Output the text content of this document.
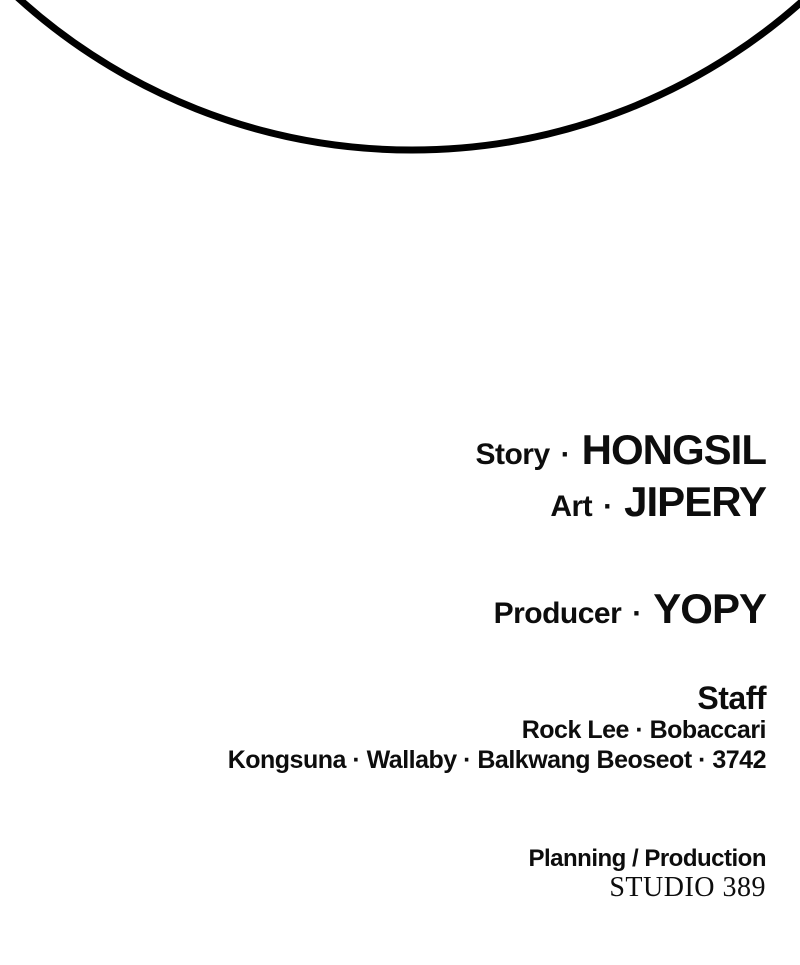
Story · HONGSIL
Art · JIPERY
Producer · YOPY
Staff
Rock Lee · Bobaccari
Kongsuna · Wallaby · Balkwang Beoseot · 3742
Planning / Production
STUDIO 389
